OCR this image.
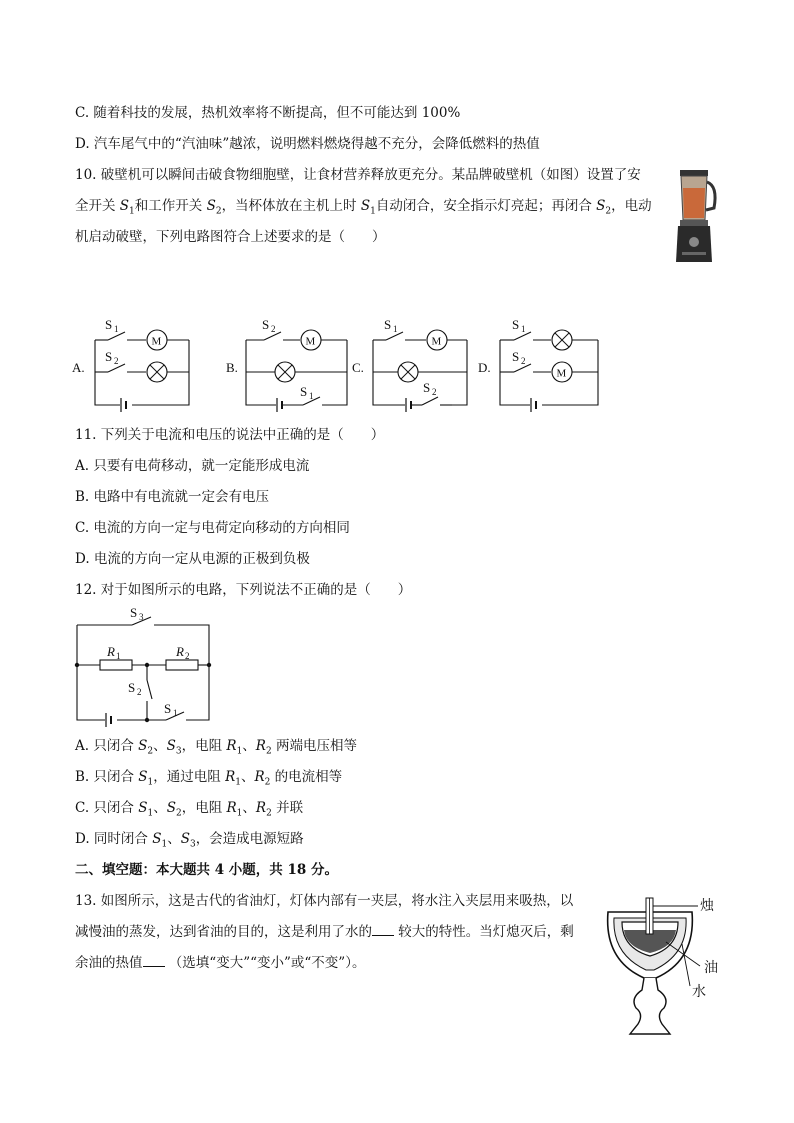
C. 随着科技的发展，热机效率将不断提高，但不可能达到 100%
D. 汽车尾气中的“汽油味”越浓，说明燃料燃烧得越不充分，会降低燃料的热值
10. 破壁机可以瞬间击破食物细胞壁，让食材营养释放更充分。某品牌破壁机（如图）设置了安
全开关 $S_1$和工作开关 $S_2$，当杯体放在主机上时 $S_1$自动闭合，安全指示灯亮起；再闭合 $S_2$，电动
机启动破壁，下列电路图符合上述要求的是（　　）
A.
M
S 1
S 2	B.
S 1
M
S 2
C.
M
S 1
S 2
D.
S 1
M
S 2
11. 下列关于电流和电压的说法中正确的是（　　）
A. 只要有电荷移动，就一定能形成电流
B. 电路中有电流就一定会有电压
C. 电流的方向一定与电荷定向移动的方向相同
D. 电流的方向一定从电源的正极到负极
12. 对于如图所示的电路，下列说法不正确的是（　　）
S 3
R 1	R 2
S 2
S 1
A. 只闭合 $S_2$、$S_3$，电阻 $R_1$、$R_2$ 两端电压相等
B. 只闭合 $S_1$，通过电阻 $R_1$、$R_2$ 的电流相等
C. 只闭合 $S_1$、$S_2$，电阻 $R_1$、$R_2$ 并联
D. 同时闭合 $S_1$、$S_3$，会造成电源短路
二、填空题：本大题共 4 小题，共 18 分。
13. 如图所示，这是古代的省油灯，灯体内部有一夹层，将水注入夹层用来吸热，以
减慢油的蒸发，达到省油的目的，这是利用了水的 较大的特性。当灯熄灭后，剩
余油的热值 （选填“变大”“变小”或“不变”）。
烛
油
水
